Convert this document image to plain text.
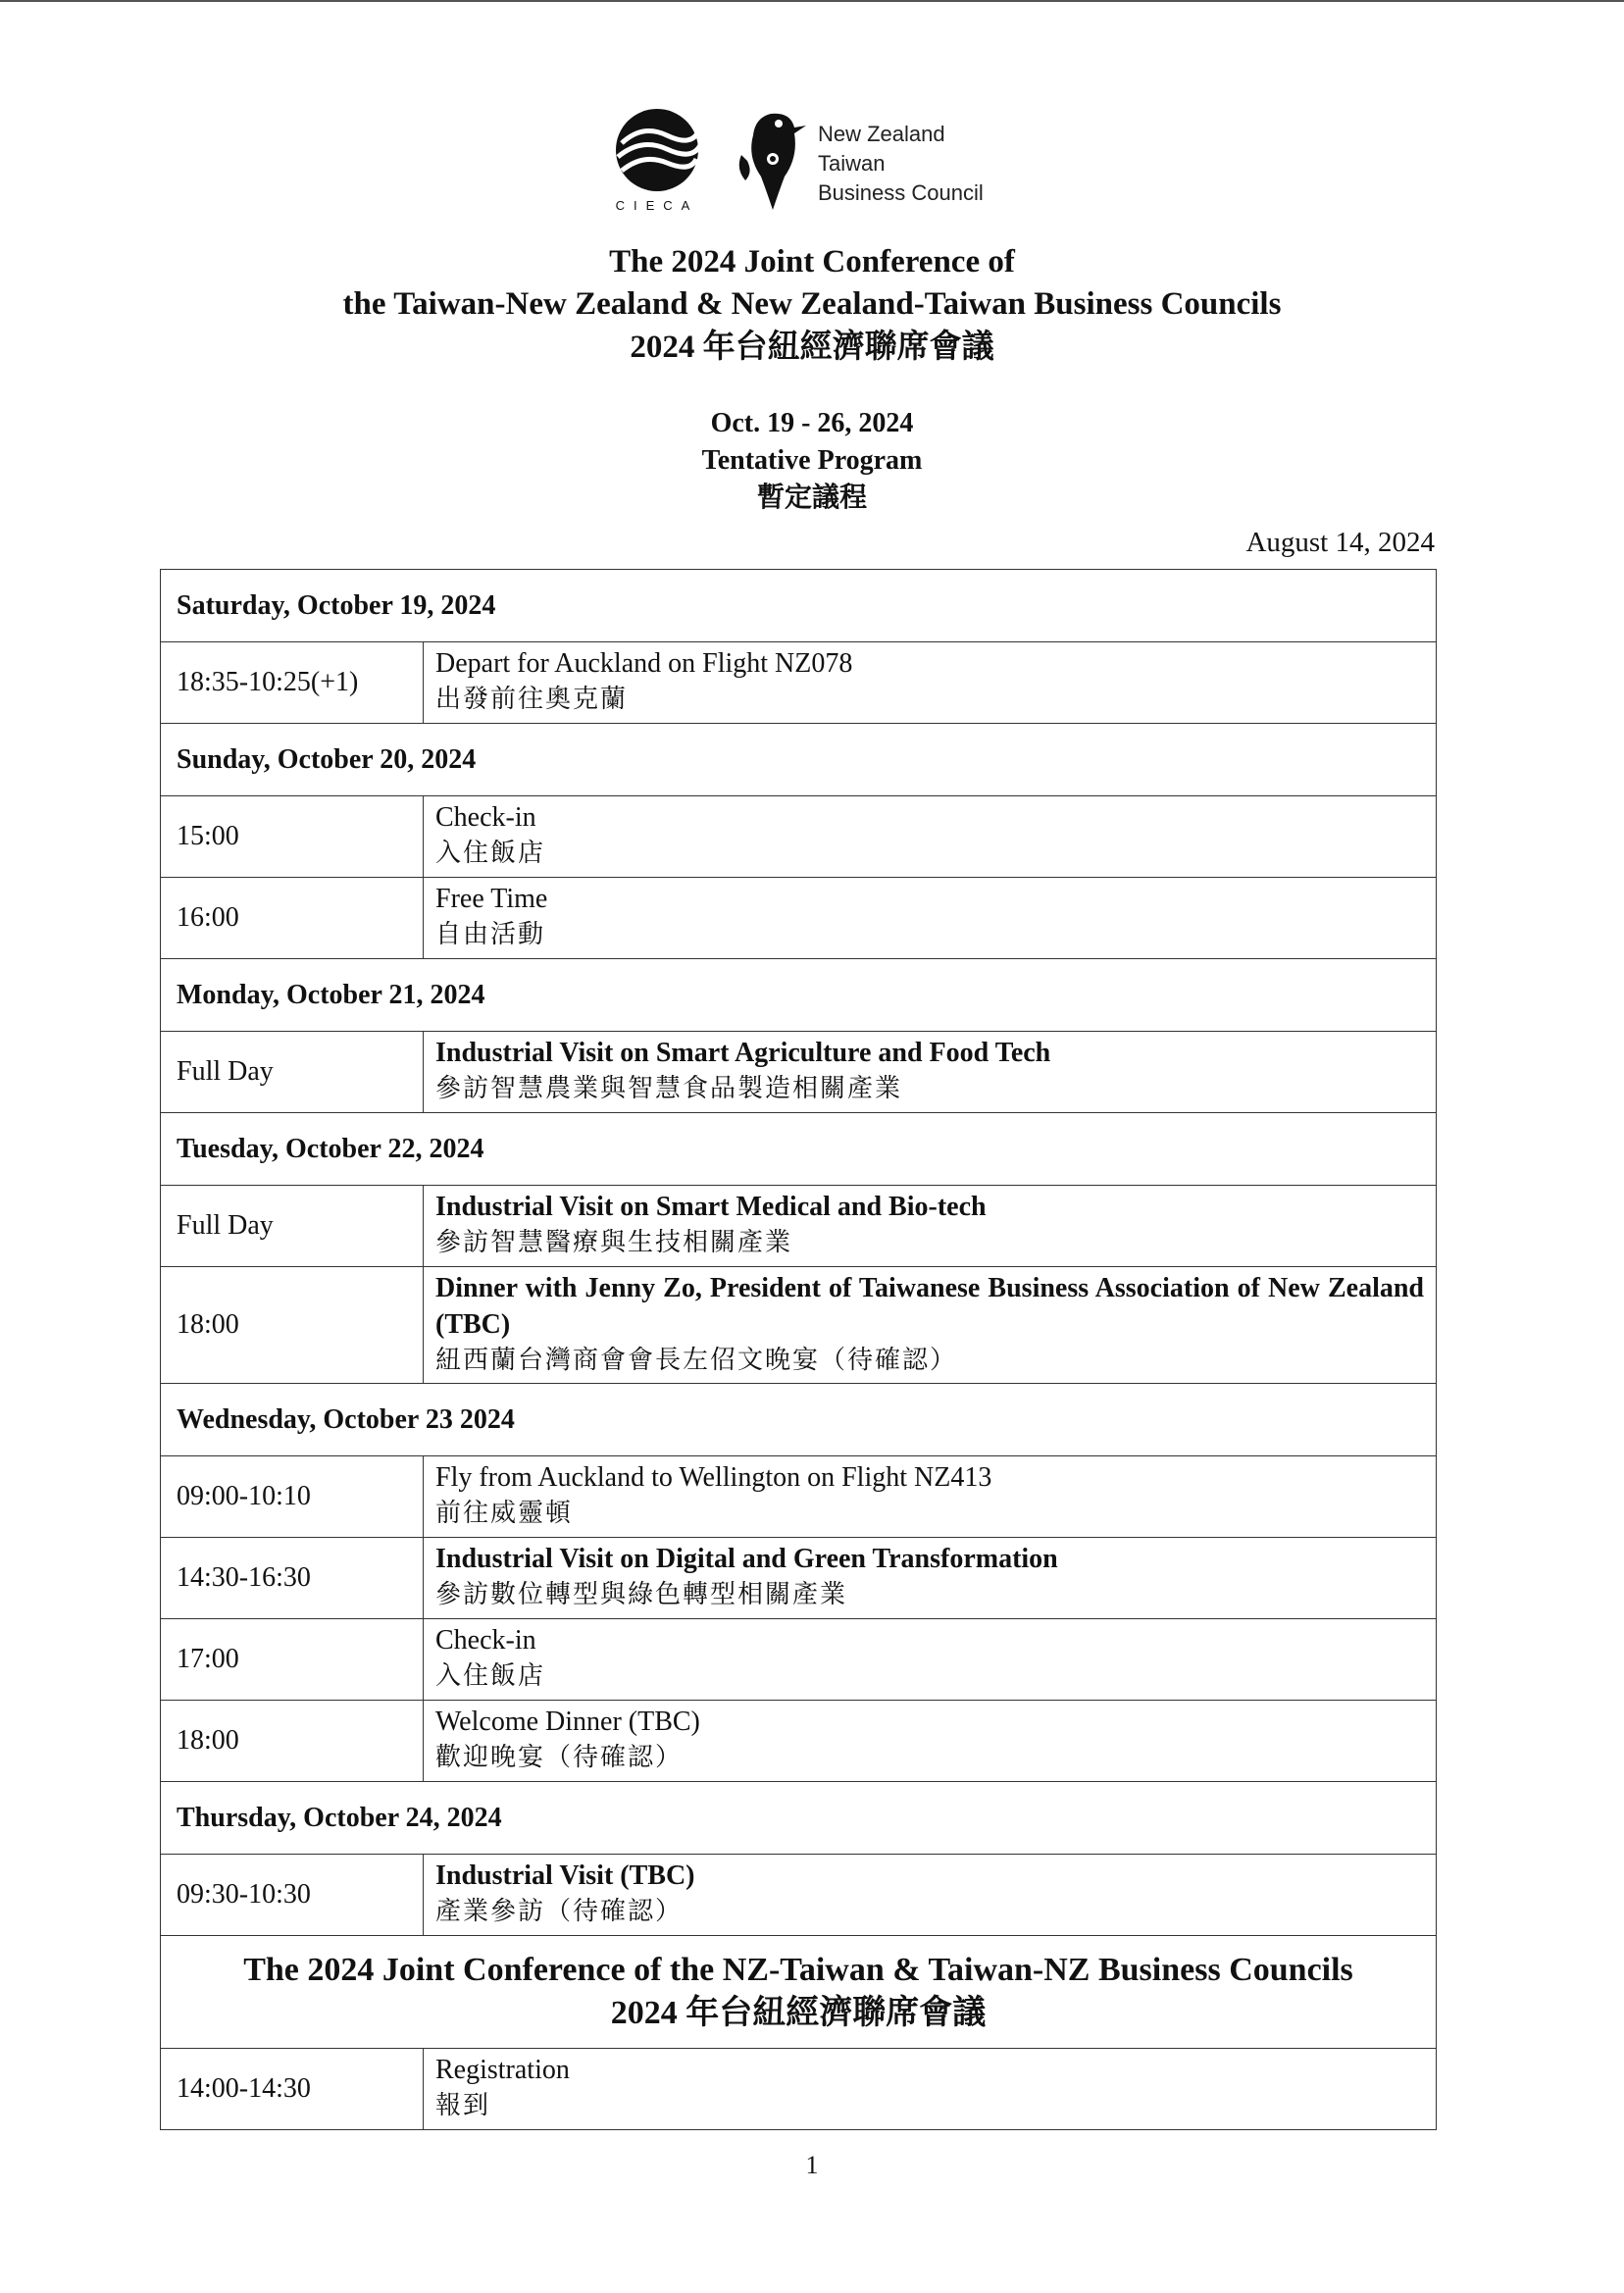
CIECA
New Zealand
Taiwan
Business Council
The 2024 Joint Conference of
the Taiwan-New Zealand & New Zealand-Taiwan Business Councils
2024 年台紐經濟聯席會議
Oct. 19 - 26, 2024
Tentative Program
暫定議程
August 14, 2024
Saturday, October 19, 2024	
18:35-10:25(+1)	Depart for Auckland on Flight NZ078
出發前往奧克蘭

Sunday, October 20, 2024	
15:00	Check-in
入住飯店

16:00	Free Time
自由活動

Monday, October 21, 2024	
Full Day	Industrial Visit on Smart Agriculture and Food Tech
參訪智慧農業與智慧食品製造相關產業

Tuesday, October 22, 2024	
Full Day	Industrial Visit on Smart Medical and Bio-tech
參訪智慧醫療與生技相關產業

18:00	Dinner with Jenny Zo, President of Taiwanese Business Association of New Zealand (TBC)
紐西蘭台灣商會會長左佋文晚宴（待確認）

Wednesday, October 23 2024	
09:00-10:10	Fly from Auckland to Wellington on Flight NZ413
前往威靈頓

14:30-16:30	Industrial Visit on Digital and Green Transformation
參訪數位轉型與綠色轉型相關產業

17:00	Check-in
入住飯店

18:00	Welcome Dinner (TBC)
歡迎晚宴（待確認）

Thursday, October 24, 2024	
09:30-10:30	Industrial Visit (TBC)
產業參訪（待確認）

The 2024 Joint Conference of the NZ-Taiwan & Taiwan-NZ Business Councils
2024 年台紐經濟聯席會議	

14:00-14:30	Registration
報到
1
